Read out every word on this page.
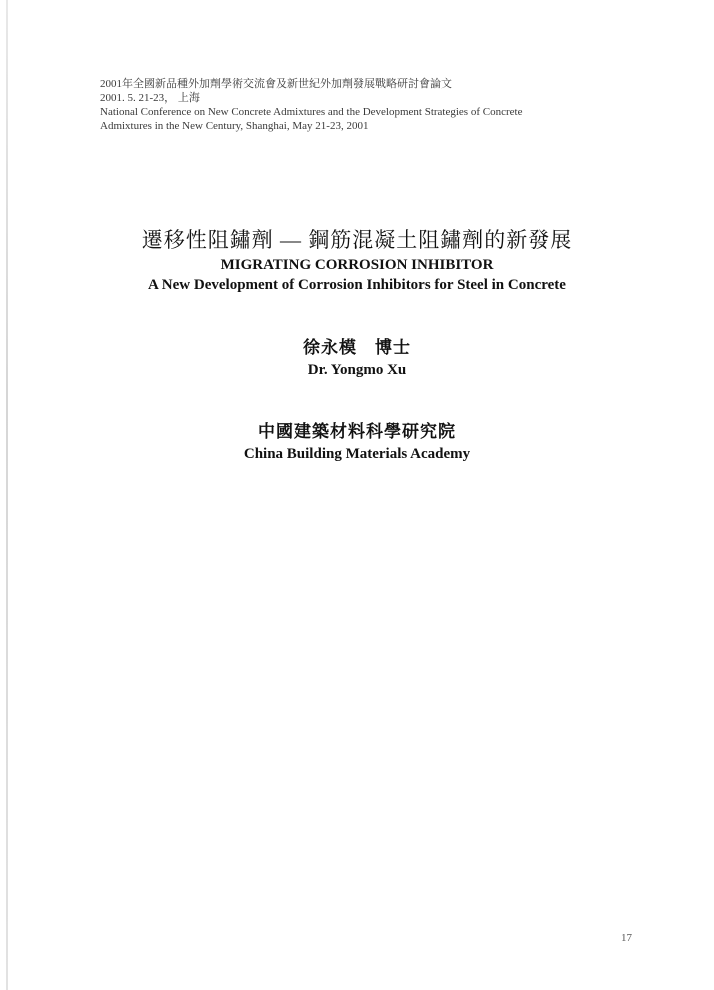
2001年全國新品種外加劑學術交流會及新世紀外加劑發展戰略研討會論文
2001. 5. 21-23， 上海
National Conference on New Concrete Admixtures and the Development Strategies of Concrete
Admixtures in the New Century, Shanghai, May 21-23, 2001
遷移性阻鏽劑 — 鋼筋混凝土阻鏽劑的新發展
MIGRATING CORROSION INHIBITOR
A New Development of Corrosion Inhibitors for Steel in Concrete
徐永模 博士
Dr. Yongmo Xu
中國建築材料科學研究院
China Building Materials Academy
17
